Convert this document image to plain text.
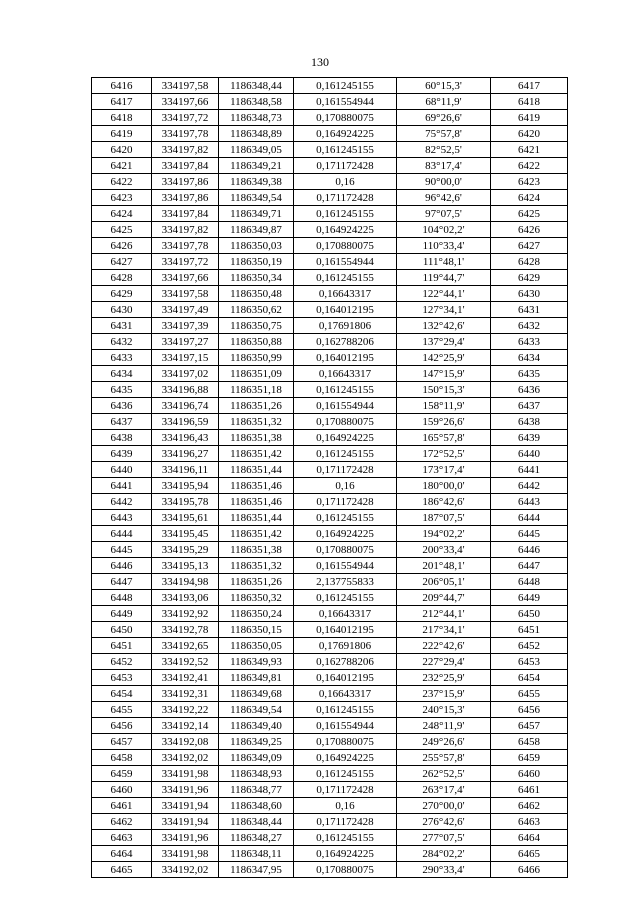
130
6416	334197,58	1186348,44	0,161245155	60°15,3'	6417
6417	334197,66	1186348,58	0,161554944	68°11,9'	6418
6418	334197,72	1186348,73	0,170880075	69°26,6'	6419
6419	334197,78	1186348,89	0,164924225	75°57,8'	6420
6420	334197,82	1186349,05	0,161245155	82°52,5'	6421
6421	334197,84	1186349,21	0,171172428	83°17,4'	6422
6422	334197,86	1186349,38	0,16	90°00,0'	6423
6423	334197,86	1186349,54	0,171172428	96°42,6'	6424
6424	334197,84	1186349,71	0,161245155	97°07,5'	6425
6425	334197,82	1186349,87	0,164924225	104°02,2'	6426
6426	334197,78	1186350,03	0,170880075	110°33,4'	6427
6427	334197,72	1186350,19	0,161554944	111°48,1'	6428
6428	334197,66	1186350,34	0,161245155	119°44,7'	6429
6429	334197,58	1186350,48	0,16643317	122°44,1'	6430
6430	334197,49	1186350,62	0,164012195	127°34,1'	6431
6431	334197,39	1186350,75	0,17691806	132°42,6'	6432
6432	334197,27	1186350,88	0,162788206	137°29,4'	6433
6433	334197,15	1186350,99	0,164012195	142°25,9'	6434
6434	334197,02	1186351,09	0,16643317	147°15,9'	6435
6435	334196,88	1186351,18	0,161245155	150°15,3'	6436
6436	334196,74	1186351,26	0,161554944	158°11,9'	6437
6437	334196,59	1186351,32	0,170880075	159°26,6'	6438
6438	334196,43	1186351,38	0,164924225	165°57,8'	6439
6439	334196,27	1186351,42	0,161245155	172°52,5'	6440
6440	334196,11	1186351,44	0,171172428	173°17,4'	6441
6441	334195,94	1186351,46	0,16	180°00,0'	6442
6442	334195,78	1186351,46	0,171172428	186°42,6'	6443
6443	334195,61	1186351,44	0,161245155	187°07,5'	6444
6444	334195,45	1186351,42	0,164924225	194°02,2'	6445
6445	334195,29	1186351,38	0,170880075	200°33,4'	6446
6446	334195,13	1186351,32	0,161554944	201°48,1'	6447
6447	334194,98	1186351,26	2,137755833	206°05,1'	6448
6448	334193,06	1186350,32	0,161245155	209°44,7'	6449
6449	334192,92	1186350,24	0,16643317	212°44,1'	6450
6450	334192,78	1186350,15	0,164012195	217°34,1'	6451
6451	334192,65	1186350,05	0,17691806	222°42,6'	6452
6452	334192,52	1186349,93	0,162788206	227°29,4'	6453
6453	334192,41	1186349,81	0,164012195	232°25,9'	6454
6454	334192,31	1186349,68	0,16643317	237°15,9'	6455
6455	334192,22	1186349,54	0,161245155	240°15,3'	6456
6456	334192,14	1186349,40	0,161554944	248°11,9'	6457
6457	334192,08	1186349,25	0,170880075	249°26,6'	6458
6458	334192,02	1186349,09	0,164924225	255°57,8'	6459
6459	334191,98	1186348,93	0,161245155	262°52,5'	6460
6460	334191,96	1186348,77	0,171172428	263°17,4'	6461
6461	334191,94	1186348,60	0,16	270°00,0'	6462
6462	334191,94	1186348,44	0,171172428	276°42,6'	6463
6463	334191,96	1186348,27	0,161245155	277°07,5'	6464
6464	334191,98	1186348,11	0,164924225	284°02,2'	6465
6465	334192,02	1186347,95	0,170880075	290°33,4'	6466
